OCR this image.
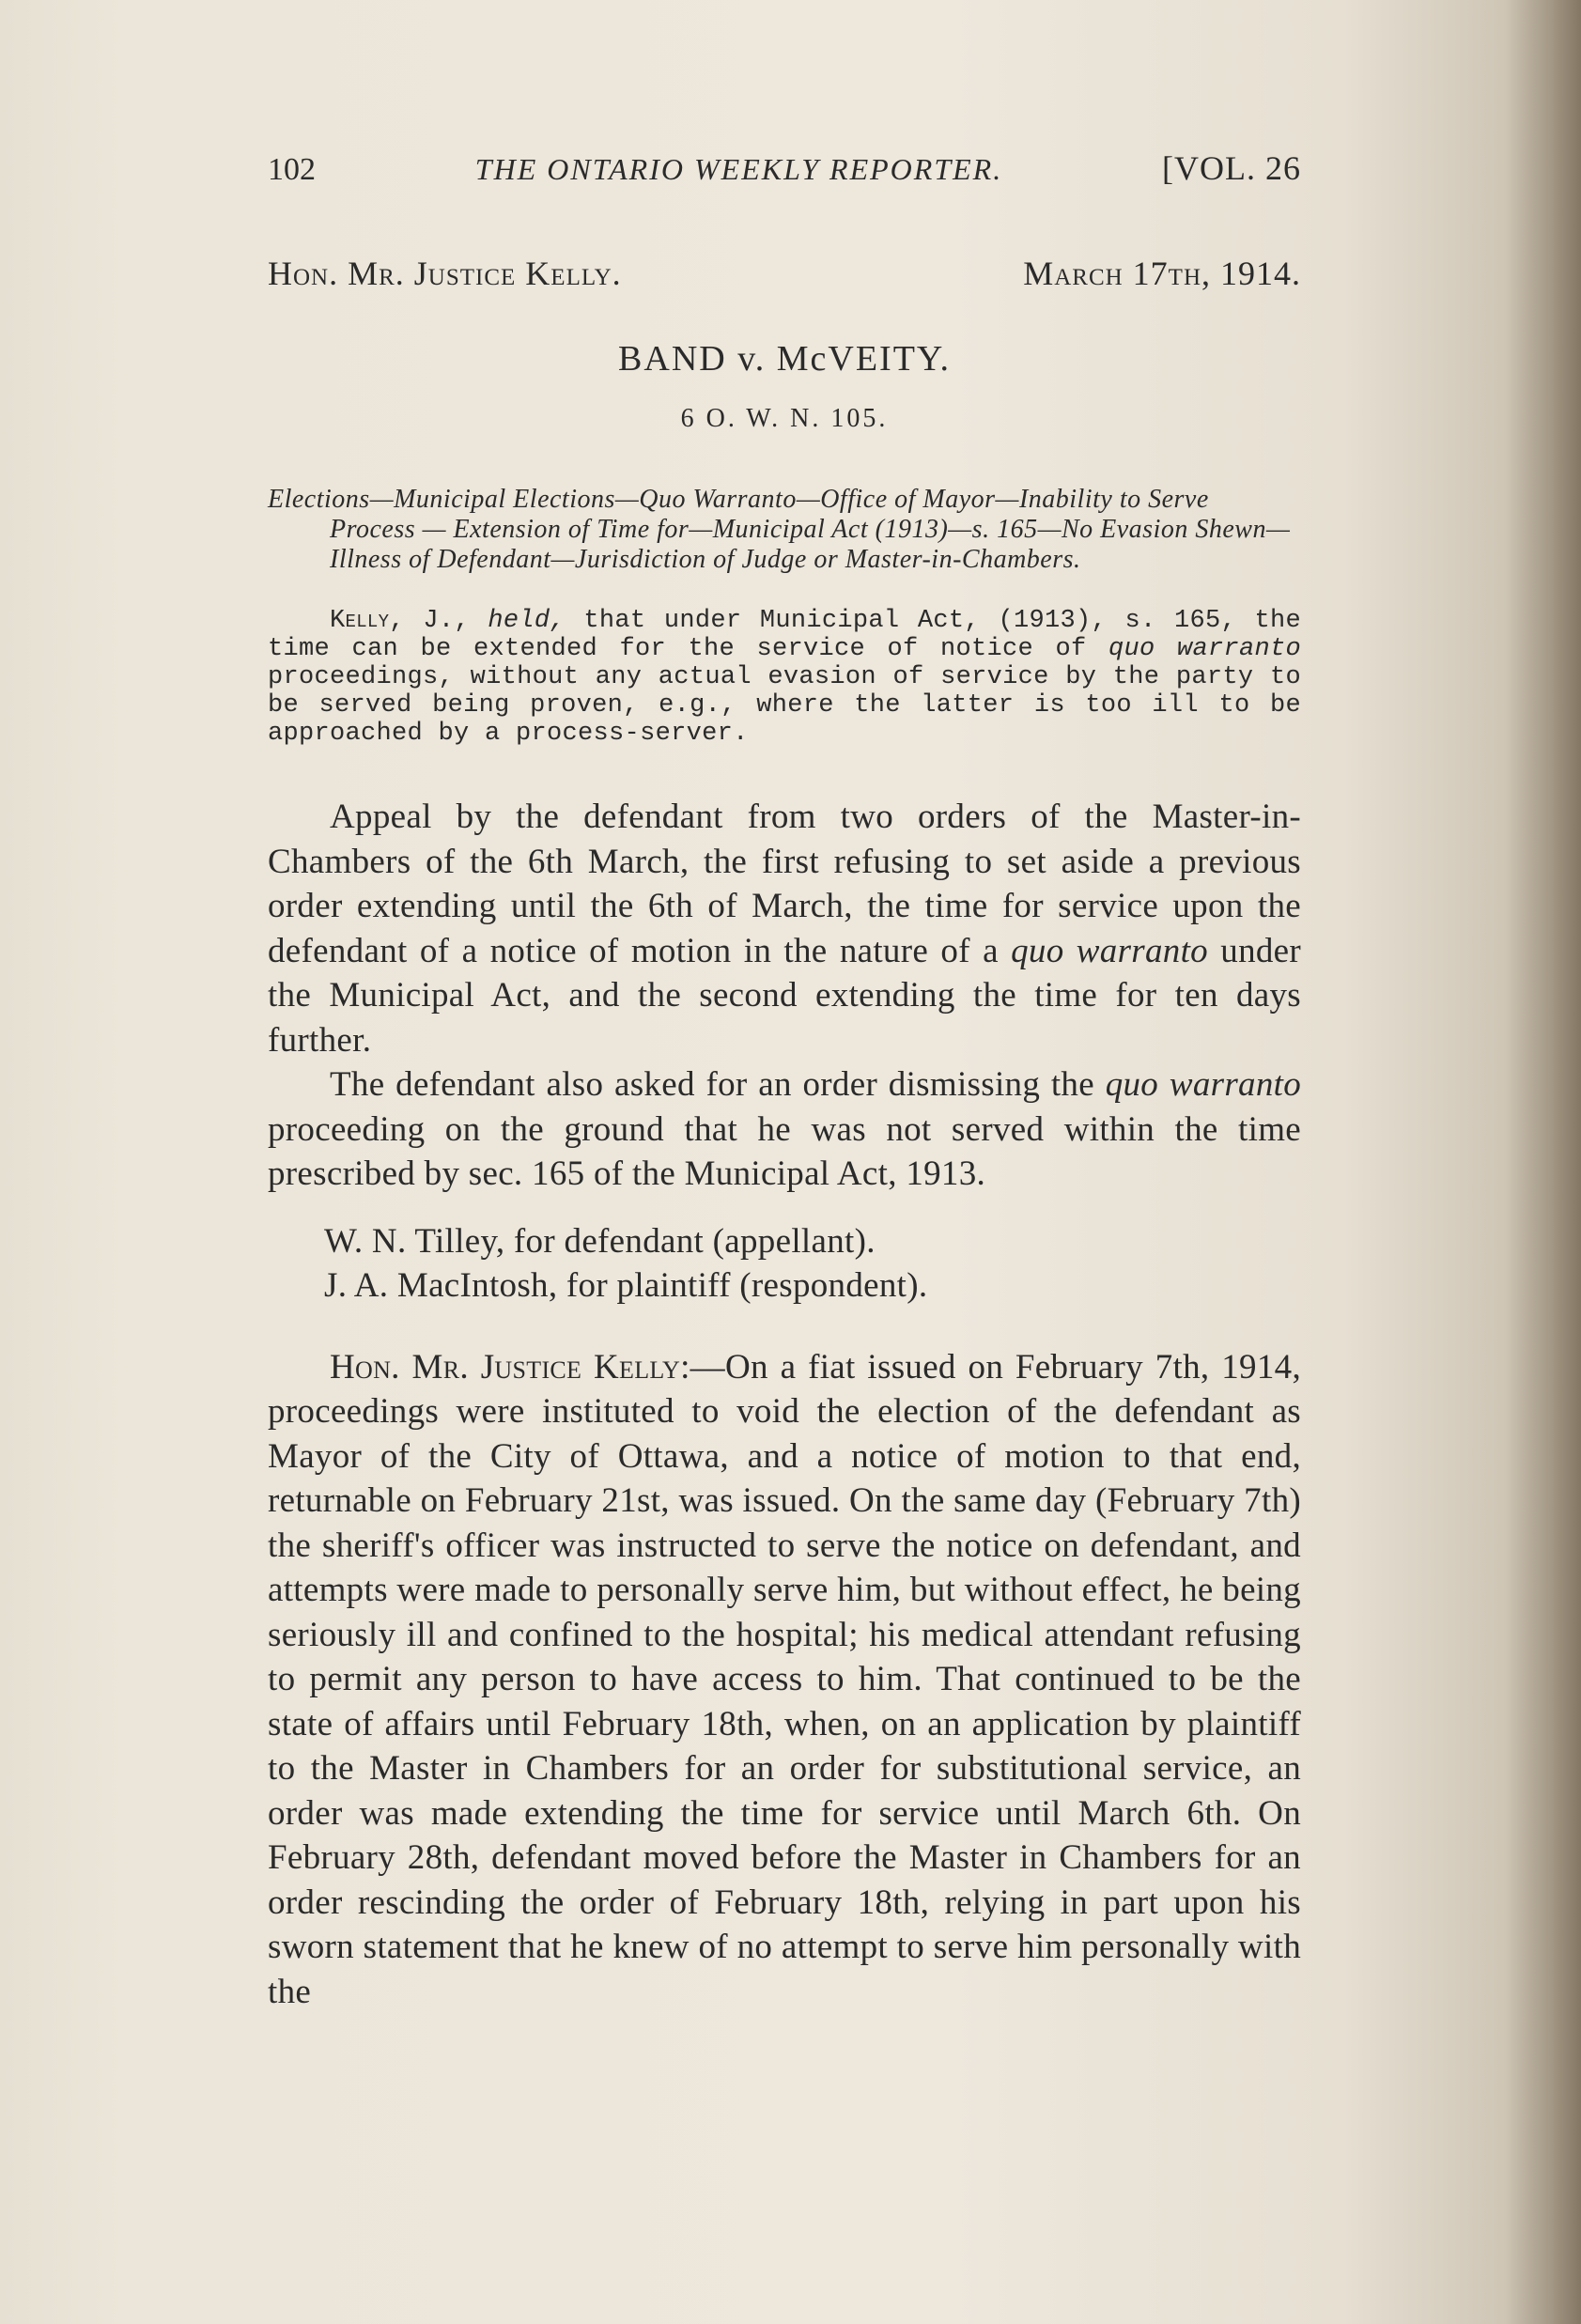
102	THE ONTARIO WEEKLY REPORTER.	[VOL. 26
Hon. Mr. Justice Kelly.	March 17th, 1914.
BAND v. McVEITY.
6 O. W. N. 105.
Elections—Municipal Elections—Quo Warranto—Office of Mayor—Inability to Serve Process — Extension of Time for—Municipal Act (1913)—s. 165—No Evasion Shewn—Illness of Defendant—Jurisdiction of Judge or Master-in-Chambers.
Kelly, J., held, that under Municipal Act, (1913), s. 165, the time can be extended for the service of notice of quo warranto proceedings, without any actual evasion of service by the party to be served being proven, e.g., where the latter is too ill to be approached by a process-server.

Appeal by the defendant from two orders of the Master-in-Chambers of the 6th March, the first refusing to set aside a previous order extending until the 6th of March, the time for service upon the defendant of a notice of motion in the nature of a quo warranto under the Municipal Act, and the second extending the time for ten days further.

The defendant also asked for an order dismissing the quo warranto proceeding on the ground that he was not served within the time prescribed by sec. 165 of the Municipal Act, 1913.

W. N. Tilley, for defendant (appellant).

J. A. MacIntosh, for plaintiff (respondent).

Hon. Mr. Justice Kelly:—On a fiat issued on February 7th, 1914, proceedings were instituted to void the election of the defendant as Mayor of the City of Ottawa, and a notice of motion to that end, returnable on February 21st, was issued. On the same day (February 7th) the sheriff's officer was instructed to serve the notice on defendant, and attempts were made to personally serve him, but without effect, he being seriously ill and confined to the hospital; his medical attendant refusing to permit any person to have access to him. That continued to be the state of affairs until February 18th, when, on an application by plaintiff to the Master in Chambers for an order for substitutional service, an order was made extending the time for service until March 6th. On February 28th, defendant moved before the Master in Chambers for an order rescinding the order of February 18th, relying in part upon his sworn statement that he knew of no attempt to serve him personally with the
